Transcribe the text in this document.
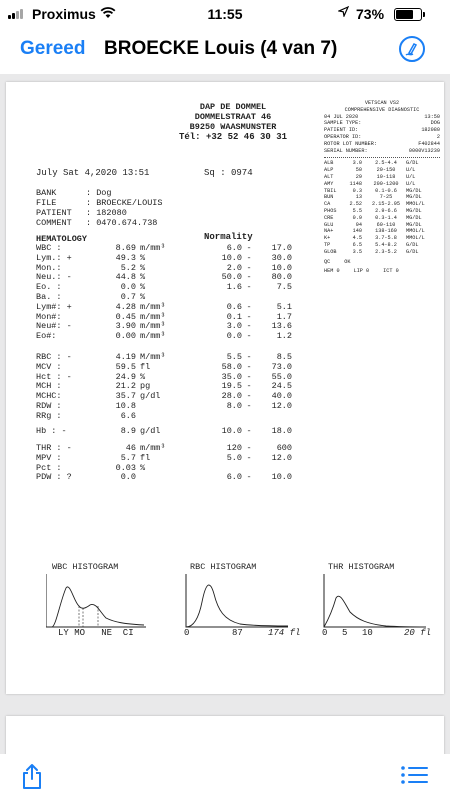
Proximus	11:55	73%
Gereed BROECKE Louis (4 van 7)
DAP DE DOMMEL
DOMMELSTRAAT 46
B9250 WAASMUNSTER
Tél: +32 52 46 30 31
July Sat 4,2020 13:51	Sq : 0974
BANK	: Dog
FILE	: BROECKE/LOUIS
PATIENT	: 182080
COMMENT	: 0470.674.738
HEMATOLOGY	Normality
WBC :	8.69 m/mm³	6.0 -	17.0
Lym.: +	49.3 %	10.0 -	30.0
Mon.:	5.2 %	2.0 -	10.0
Neu.: -	44.8 %	50.0 -	80.0
Eo. :	0.0 %	1.6 -	7.5
Ba. :	0.7 %
Lym#: +	4.28 m/mm³	0.6 -	5.1
Mon#:	0.45 m/mm³	0.1 -	1.7
Neu#: -	3.90 m/mm³	3.0 -	13.6
Eo#:	0.00 m/mm³	0.0 -	1.2
RBC : -	4.19 M/mm³	5.5 -	8.5
MCV :	59.5 fl	58.0 -	73.0
Hct : -	24.9 %	35.0 -	55.0
MCH :	21.2 pg	19.5 -	24.5
MCHC:	35.7 g/dl	28.0 -	40.0
RDW :	10.8	8.0 -	12.0
RRg :	6.6
Hb : -	8.9 g/dl	10.0 -	18.0
THR : -	46 m/mm³	120 -	600
MPV :	5.7 fl	5.0 -	12.0
Pct :	0.03 %
PDW : ?	0.0	6.0 -	10.0
VETSCAN VS2
COMPREHENSIVE DIAGNOSTIC
04 JUL 2020	13:50
SAMPLE TYPE:	DOG
PATIENT ID:	182080
OPERATOR ID:	2
ROTOR LOT NUMBER:	F402844
SERIAL NUMBER:	0000V13239
ALB	3.0	2.5-4.4	G/DL
ALP	50	20-150	U/L
ALT	29	10-118	U/L
AMY	1148	200-1200	U/L
TBIL	0.3	0.1-0.6	MG/DL
BUN	13	7-25	MG/DL
CA	2.52	2.15-2.95	MMOL/L
PHOS	5.5	2.9-6.6	MG/DL
CRE	0.9	0.3-1.4	MG/DL
GLU	94	60-110	MG/DL
NA+	140	138-160	MMOL/L
K+	4.5	3.7-5.8	MMOL/L
TP	6.5	5.4-8.2	G/DL
GLOB	3.5	2.3-5.2	G/DL
QC	OK
HEM 0	LIP 0	ICT 0
WBC HISTOGRAM	RBC HISTOGRAM	THR HISTOGRAM
LY MO   NE  CI	0	87	174 fl 0 5 10	20 fl
